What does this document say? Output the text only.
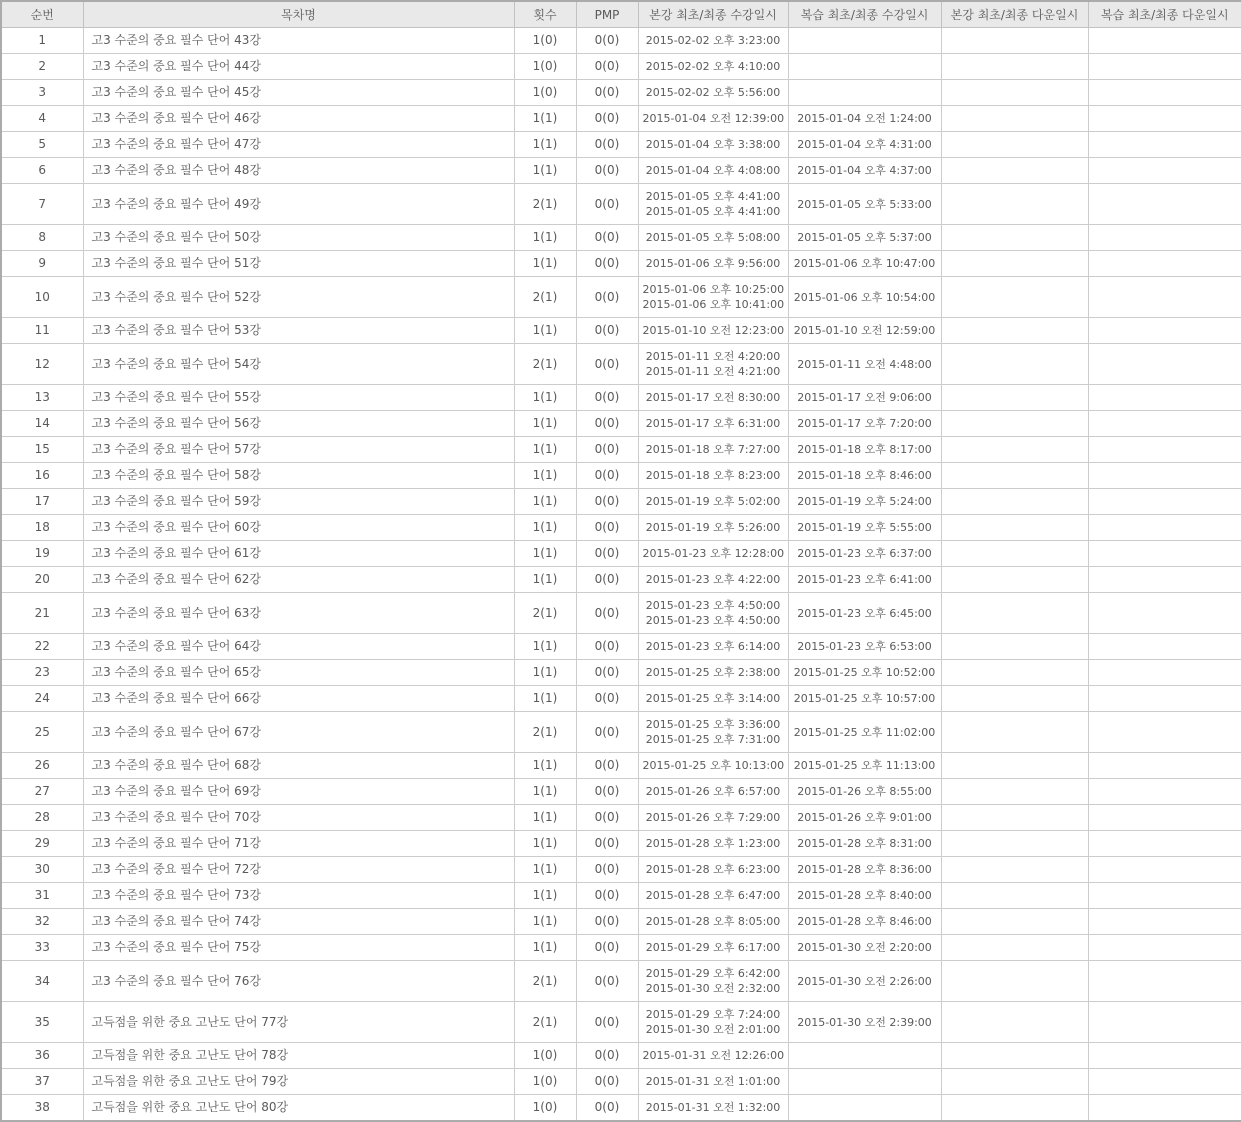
순번	목차명	횟수	PMP	본강 최초/최종 수강일시	복습 최초/최종 수강일시	본강 최초/최종 다운일시	복습 최초/최종 다운일시
1	고3 수준의 중요 필수 단어 43강	1(0)	0(0)	2015-02-02 오후 3:23:00			

2	고3 수준의 중요 필수 단어 44강	1(0)	0(0)	2015-02-02 오후 4:10:00			

3	고3 수준의 중요 필수 단어 45강	1(0)	0(0)	2015-02-02 오후 5:56:00			

4	고3 수준의 중요 필수 단어 46강	1(1)	0(0)	2015-01-04 오전 12:39:00	2015-01-04 오전 1:24:00		

5	고3 수준의 중요 필수 단어 47강	1(1)	0(0)	2015-01-04 오후 3:38:00	2015-01-04 오후 4:31:00		

6	고3 수준의 중요 필수 단어 48강	1(1)	0(0)	2015-01-04 오후 4:08:00	2015-01-04 오후 4:37:00		

7	고3 수준의 중요 필수 단어 49강	2(1)	0(0)	2015-01-05 오후 4:41:00
2015-01-05 오후 4:41:00	2015-01-05 오후 5:33:00		

8	고3 수준의 중요 필수 단어 50강	1(1)	0(0)	2015-01-05 오후 5:08:00	2015-01-05 오후 5:37:00		

9	고3 수준의 중요 필수 단어 51강	1(1)	0(0)	2015-01-06 오후 9:56:00	2015-01-06 오후 10:47:00		

10	고3 수준의 중요 필수 단어 52강	2(1)	0(0)	2015-01-06 오후 10:25:00
2015-01-06 오후 10:41:00	2015-01-06 오후 10:54:00		

11	고3 수준의 중요 필수 단어 53강	1(1)	0(0)	2015-01-10 오전 12:23:00	2015-01-10 오전 12:59:00		

12	고3 수준의 중요 필수 단어 54강	2(1)	0(0)	2015-01-11 오전 4:20:00
2015-01-11 오전 4:21:00	2015-01-11 오전 4:48:00		

13	고3 수준의 중요 필수 단어 55강	1(1)	0(0)	2015-01-17 오전 8:30:00	2015-01-17 오전 9:06:00		

14	고3 수준의 중요 필수 단어 56강	1(1)	0(0)	2015-01-17 오후 6:31:00	2015-01-17 오후 7:20:00		

15	고3 수준의 중요 필수 단어 57강	1(1)	0(0)	2015-01-18 오후 7:27:00	2015-01-18 오후 8:17:00		

16	고3 수준의 중요 필수 단어 58강	1(1)	0(0)	2015-01-18 오후 8:23:00	2015-01-18 오후 8:46:00		

17	고3 수준의 중요 필수 단어 59강	1(1)	0(0)	2015-01-19 오후 5:02:00	2015-01-19 오후 5:24:00		

18	고3 수준의 중요 필수 단어 60강	1(1)	0(0)	2015-01-19 오후 5:26:00	2015-01-19 오후 5:55:00		

19	고3 수준의 중요 필수 단어 61강	1(1)	0(0)	2015-01-23 오후 12:28:00	2015-01-23 오후 6:37:00		

20	고3 수준의 중요 필수 단어 62강	1(1)	0(0)	2015-01-23 오후 4:22:00	2015-01-23 오후 6:41:00		

21	고3 수준의 중요 필수 단어 63강	2(1)	0(0)	2015-01-23 오후 4:50:00
2015-01-23 오후 4:50:00	2015-01-23 오후 6:45:00		

22	고3 수준의 중요 필수 단어 64강	1(1)	0(0)	2015-01-23 오후 6:14:00	2015-01-23 오후 6:53:00		

23	고3 수준의 중요 필수 단어 65강	1(1)	0(0)	2015-01-25 오후 2:38:00	2015-01-25 오후 10:52:00		

24	고3 수준의 중요 필수 단어 66강	1(1)	0(0)	2015-01-25 오후 3:14:00	2015-01-25 오후 10:57:00		

25	고3 수준의 중요 필수 단어 67강	2(1)	0(0)	2015-01-25 오후 3:36:00
2015-01-25 오후 7:31:00	2015-01-25 오후 11:02:00		

26	고3 수준의 중요 필수 단어 68강	1(1)	0(0)	2015-01-25 오후 10:13:00	2015-01-25 오후 11:13:00		

27	고3 수준의 중요 필수 단어 69강	1(1)	0(0)	2015-01-26 오후 6:57:00	2015-01-26 오후 8:55:00		

28	고3 수준의 중요 필수 단어 70강	1(1)	0(0)	2015-01-26 오후 7:29:00	2015-01-26 오후 9:01:00		

29	고3 수준의 중요 필수 단어 71강	1(1)	0(0)	2015-01-28 오후 1:23:00	2015-01-28 오후 8:31:00		

30	고3 수준의 중요 필수 단어 72강	1(1)	0(0)	2015-01-28 오후 6:23:00	2015-01-28 오후 8:36:00		

31	고3 수준의 중요 필수 단어 73강	1(1)	0(0)	2015-01-28 오후 6:47:00	2015-01-28 오후 8:40:00		

32	고3 수준의 중요 필수 단어 74강	1(1)	0(0)	2015-01-28 오후 8:05:00	2015-01-28 오후 8:46:00		

33	고3 수준의 중요 필수 단어 75강	1(1)	0(0)	2015-01-29 오후 6:17:00	2015-01-30 오전 2:20:00		

34	고3 수준의 중요 필수 단어 76강	2(1)	0(0)	2015-01-29 오후 6:42:00
2015-01-30 오전 2:32:00	2015-01-30 오전 2:26:00		

35	고득점을 위한 중요 고난도 단어 77강	2(1)	0(0)	2015-01-29 오후 7:24:00
2015-01-30 오전 2:01:00	2015-01-30 오전 2:39:00		

36	고득점을 위한 중요 고난도 단어 78강	1(0)	0(0)	2015-01-31 오전 12:26:00			

37	고득점을 위한 중요 고난도 단어 79강	1(0)	0(0)	2015-01-31 오전 1:01:00			

38	고득점을 위한 중요 고난도 단어 80강	1(0)	0(0)	2015-01-31 오전 1:32:00			
